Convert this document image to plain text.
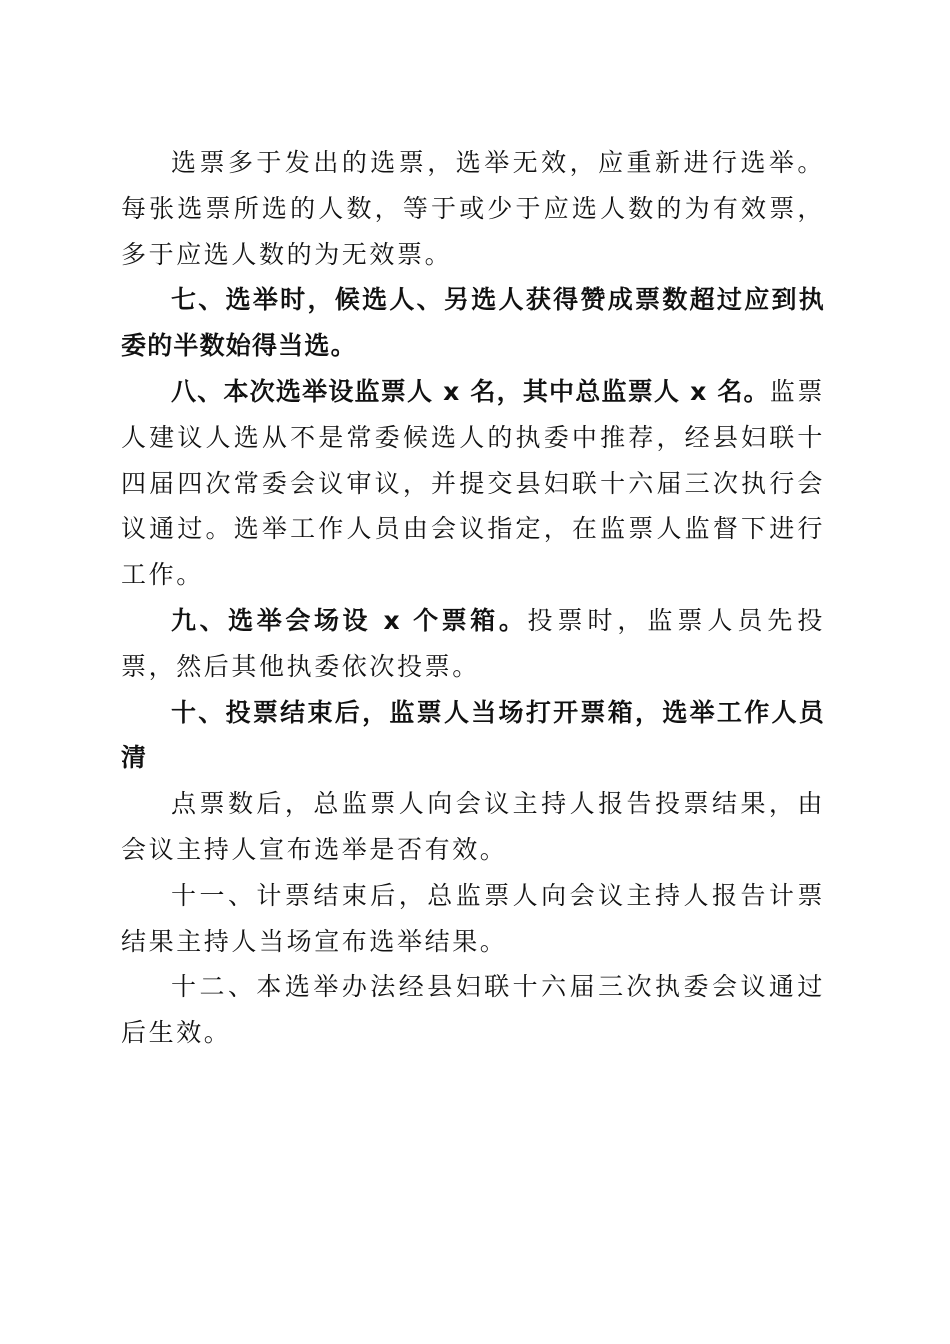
选票多于发出的选票，选举无效，应重新进行选举。每张选票所选的人数，等于或少于应选人数的为有效票，多于应选人数的为无效票。

七、选举时，候选人、另选人获得赞成票数超过应到执委的半数始得当选。

八、本次选举设监票人 x 名，其中总监票人 x 名。监票人建议人选从不是常委候选人的执委中推荐，经县妇联十四届四次常委会议审议，并提交县妇联十六届三次执行会议通过。选举工作人员由会议指定，在监票人监督下进行工作。

九、选举会场设 x 个票箱。投票时，监票人员先投票，然后其他执委依次投票。

十、投票结束后，监票人当场打开票箱，选举工作人员清

点票数后，总监票人向会议主持人报告投票结果，由会议主持人宣布选举是否有效。

十一、计票结束后，总监票人向会议主持人报告计票结果主持人当场宣布选举结果。

十二、本选举办法经县妇联十六届三次执委会议通过后生效。
